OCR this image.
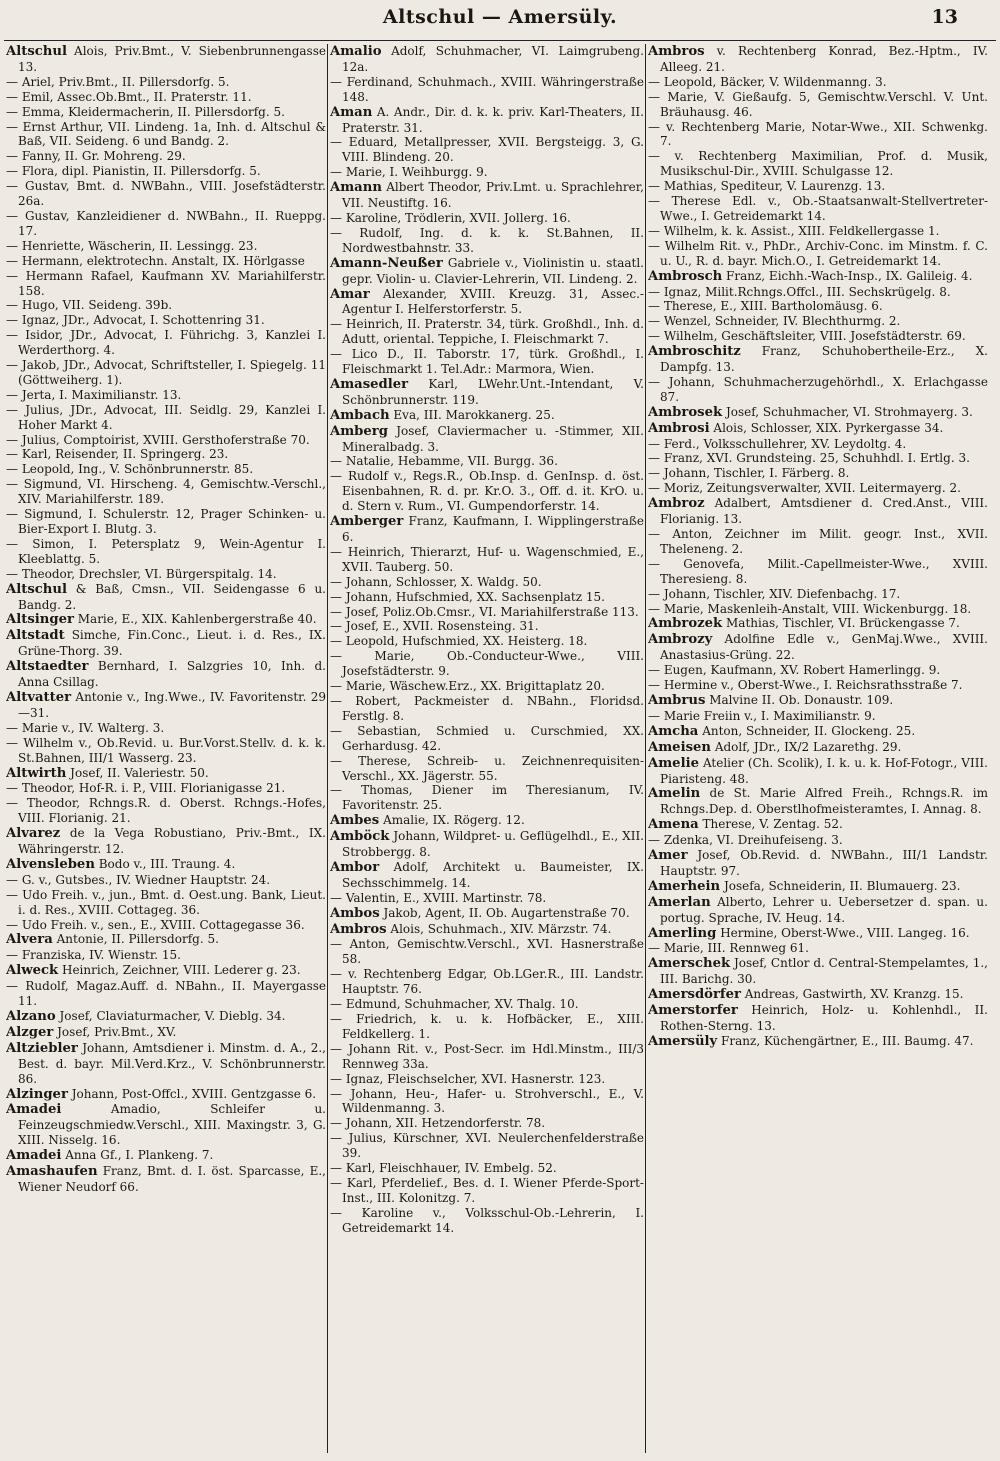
Altschul — Amersüly.	13

Altschul Alois, Priv.Bmt., V. Siebenbrunnengasse 13.

— Ariel, Priv.Bmt., II. Pillersdorfg. 5.

— Emil, Assec.Ob.Bmt., II. Praterstr. 11.

— Emma, Kleidermacherin, II. Pillersdorfg. 5.

— Ernst Arthur, VII. Lindeng. 1a, Inh. d. Altschul & Baß, VII. Seideng. 6 und Bandg. 2.

— Fanny, II. Gr. Mohreng. 29.

— Flora, dipl. Pianistin, II. Pillersdorfg. 5.

— Gustav, Bmt. d. NWBahn., VIII. Josefstädterstr. 26a.

— Gustav, Kanzleidiener d. NWBahn., II. Rueppg. 17.

— Henriette, Wäscherin, II. Lessingg. 23.

— Hermann, elektrotechn. Anstalt, IX. Hörlgasse

— Hermann Rafael, Kaufmann XV. Mariahilferstr. 158.

— Hugo, VII. Seideng. 39b.

— Ignaz, JDr., Advocat, I. Schottenring 31.

— Isidor, JDr., Advocat, I. Führichg. 3, Kanzlei I. Werderthorg. 4.

— Jakob, JDr., Advocat, Schriftsteller, I. Spiegelg. 11 (Göttweiherg. 1).

— Jerta, I. Maximilianstr. 13.

— Julius, JDr., Advocat, III. Seidlg. 29, Kanzlei I. Hoher Markt 4.

— Julius, Comptoirist, XVIII. Gersthoferstraße 70.

— Karl, Reisender, II. Springerg. 23.

— Leopold, Ing., V. Schönbrunnerstr. 85.

— Sigmund, VI. Hirscheng. 4, Gemischtw.-Verschl., XIV. Mariahilferstr. 189.

— Sigmund, I. Schulerstr. 12, Prager Schinken- u. Bier-Export I. Blutg. 3.

— Simon, I. Petersplatz 9, Wein-Agentur I. Kleeblattg. 5.

— Theodor, Drechsler, VI. Bürgerspitalg. 14.

Altschul & Baß, Cmsn., VII. Seidengasse 6 u. Bandg. 2.

Altsinger Marie, E., XIX. Kahlenbergerstraße 40.

Altstadt Simche, Fin.Conc., Lieut. i. d. Res., IX. Grüne-Thorg. 39.

Altstaedter Bernhard, I. Salzgries 10, Inh. d. Anna Csillag.

Altvatter Antonie v., Ing.Wwe., IV. Favoritenstr. 29—31.

— Marie v., IV. Walterg. 3.

— Wilhelm v., Ob.Revid. u. Bur.Vorst.Stellv. d. k. k. St.Bahnen, III/1 Wasserg. 23.

Altwirth Josef, II. Valeriestr. 50.

— Theodor, Hof-R. i. P., VIII. Florianigasse 21.

— Theodor, Rchngs.R. d. Oberst. Rchngs.-Hofes, VIII. Florianig. 21.

Alvarez de la Vega Robustiano, Priv.-Bmt., IX. Währingerstr. 12.

Alvensleben Bodo v., III. Traung. 4.

— G. v., Gutsbes., IV. Wiedner Hauptstr. 24.

— Udo Freih. v., jun., Bmt. d. Oest.ung. Bank, Lieut. i. d. Res., XVIII. Cottageg. 36.

— Udo Freih. v., sen., E., XVIII. Cottagegasse 36.

Alvera Antonie, II. Pillersdorfg. 5.

— Franziska, IV. Wienstr. 15.

Alweck Heinrich, Zeichner, VIII. Lederer g. 23.

— Rudolf, Magaz.Auff. d. NBahn., II. Mayergasse 11.

Alzano Josef, Claviaturmacher, V. Dieblg. 34.

Alzger Josef, Priv.Bmt., XV.

Altziebler Johann, Amtsdiener i. Minstm. d. A., 2., Best. d. bayr. Mil.Verd.Krz., V. Schönbrunnerstr. 86.

Alzinger Johann, Post-Offcl., XVIII. Gentzgasse 6.

Amadei	Amadio, Schleifer u. Feinzeugschmiedw.Verschl., XIII. Maxingstr. 3, G. XIII. Nisselg. 16.

Amadei Anna Gf., I. Plankeng. 7.

Amashaufen Franz, Bmt. d. I. öst. Sparcasse, E., Wiener Neudorf 66.

Amalio Adolf, Schuhmacher, VI. Laimgrubeng. 12a.

— Ferdinand, Schuhmach., XVIII. Währingerstraße 148.

Aman A. Andr., Dir. d. k. k. priv. Karl-Theaters, II. Praterstr. 31.

— Eduard, Metallpresser, XVII. Bergsteigg. 3, G. VIII. Blindeng. 20.

— Marie, I. Weihburgg. 9.

Amann Albert Theodor, Priv.Lmt. u. Sprachlehrer, VII. Neustiftg. 16.

— Karoline, Trödlerin, XVII. Jollerg. 16.

— Rudolf, Ing. d. k. k. St.Bahnen, II. Nordwestbahnstr. 33.

Amann-Neußer Gabriele v., Violinistin u. staatl. gepr. Violin- u. Clavier-Lehrerin, VII. Lindeng. 2.

Amar Alexander, XVIII. Kreuzg. 31, Assec.-Agentur I. Helferstorferstr. 5.

— Heinrich, II. Praterstr. 34, türk. Großhdl., Inh. d. Adutt, oriental. Teppiche, I. Fleischmarkt 7.

— Lico D., II. Taborstr. 17, türk. Großhdl., I. Fleischmarkt 1. Tel.Adr.: Marmora, Wien.

Amasedler Karl, LWehr.Unt.-Intendant, V. Schönbrunnerstr. 119.

Ambach Eva, III. Marokkanerg. 25.

Amberg Josef, Claviermacher u. -Stimmer, XII. Mineralbadg. 3.

— Natalie, Hebamme, VII. Burgg. 36.

— Rudolf v., Regs.R., Ob.Insp. d. GenInsp. d. öst. Eisenbahnen, R. d. pr. Kr.O. 3., Off. d. it. KrO. u. d. Stern v. Rum., VI. Gumpendorferstr. 14.

Amberger Franz, Kaufmann, I. Wipplingerstraße 6.

— Heinrich, Thierarzt, Huf- u. Wagenschmied, E., XVII. Tauberg. 50.

— Johann, Schlosser, X. Waldg. 50.

— Johann, Hufschmied, XX. Sachsenplatz 15.

— Josef, Poliz.Ob.Cmsr., VI. Mariahilferstraße 113.

— Josef, E., XVII. Rosensteing. 31.

— Leopold, Hufschmied, XX. Heisterg. 18.

— Marie, Ob.-Conducteur-Wwe., VIII. Josefstädterstr. 9.

— Marie, Wäschew.Erz., XX. Brigittaplatz 20.

— Robert, Packmeister d. NBahn., Floridsd. Ferstlg. 8.

— Sebastian, Schmied u. Curschmied, XX. Gerhardusg. 42.

— Therese, Schreib- u. Zeichnenrequisiten-Verschl., XX. Jägerstr. 55.

— Thomas, Diener im Theresianum, IV. Favoritenstr. 25.

Ambes Amalie, IX. Rögerg. 12.

Amböck Johann, Wildpret- u. Geflügelhdl., E., XII. Strobbergg. 8.

Ambor Adolf, Architekt u. Baumeister, IX. Sechsschimmelg. 14.

— Valentin, E., XVIII. Martinstr. 78.

Ambos Jakob, Agent, II. Ob. Augartenstraße 70.

Ambros Alois, Schuhmach., XIV. Märzstr. 74.

— Anton, Gemischtw.Verschl., XVI. Hasnerstraße 58.

— v. Rechtenberg Edgar, Ob.LGer.R., III. Landstr. Hauptstr. 76.

— Edmund, Schuhmacher, XV. Thalg. 10.

— Friedrich, k. u. k. Hofbäcker, E., XIII. Feldkellerg. 1.

— Johann Rit. v., Post-Secr. im Hdl.Minstm., III/3 Rennweg 33a.

— Ignaz, Fleischselcher, XVI. Hasnerstr. 123.

— Johann, Heu-, Hafer- u. Strohverschl., E., V. Wildenmanng. 3.

— Johann, XII. Hetzendorferstr. 78.

— Julius, Kürschner, XVI. Neulerchenfelderstraße 39.

— Karl, Fleischhauer, IV. Embelg. 52.

— Karl, Pferdelief., Bes. d. I. Wiener Pferde-Sport-Inst., III. Kolonitzg. 7.

— Karoline v., Volksschul-Ob.-Lehrerin, I. Getreidemarkt 14.

Ambros v. Rechtenberg Konrad, Bez.-Hptm., IV. Alleeg. 21.

— Leopold, Bäcker, V. Wildenmanng. 3.

— Marie, V. Gießaufg. 5, Gemischtw.Verschl. V. Unt. Bräuhausg. 46.

— v. Rechtenberg Marie, Notar-Wwe., XII. Schwenkg. 7.

— v. Rechtenberg Maximilian, Prof. d. Musik, Musikschul-Dir., XVIII. Schulgasse 12.

— Mathias, Spediteur, V. Laurenzg. 13.

— Therese Edl. v., Ob.-Staatsanwalt-Stellvertreter-Wwe., I. Getreidemarkt 14.

— Wilhelm, k. k. Assist., XIII. Feldkellergasse 1.

— Wilhelm Rit. v., PhDr., Archiv-Conc. im Minstm. f. C. u. U., R. d. bayr. Mich.O., I. Getreidemarkt 14.

Ambrosch Franz, Eichh.-Wach-Insp., IX. Galileig. 4.

— Ignaz, Milit.Rchngs.Offcl., III. Sechskrügelg. 8.

— Therese, E., XIII. Bartholomäusg. 6.

— Wenzel, Schneider, IV. Blechthurmg. 2.

— Wilhelm, Geschäftsleiter, VIII. Josefstädterstr. 69.

Ambroschitz Franz, Schuhobertheile-Erz., X. Dampfg. 13.

— Johann, Schuhmacherzugehörhdl., X. Erlachgasse 87.

Ambrosek Josef, Schuhmacher, VI. Strohmayerg. 3.

Ambrosi Alois, Schlosser, XIX. Pyrkergasse 34.

— Ferd., Volksschullehrer, XV. Leydoltg. 4.

— Franz, XVI. Grundsteing. 25, Schuhhdl. I. Ertlg. 3.

— Johann, Tischler, I. Färberg. 8.

— Moriz, Zeitungsverwalter, XVII. Leitermayerg. 2.

Ambroz Adalbert, Amtsdiener d. Cred.Anst., VIII. Florianig. 13.

— Anton, Zeichner im Milit. geogr. Inst., XVII. Theleneng. 2.

— Genovefa, Milit.-Capellmeister-Wwe., XVIII. Theresieng. 8.

— Johann, Tischler, XIV. Diefenbachg. 17.

— Marie, Maskenleih-Anstalt, VIII. Wickenburgg. 18.

Ambrozek Mathias, Tischler, VI. Brückengasse 7.

Ambrozy Adolfine Edle v., GenMaj.Wwe., XVIII. Anastasius-Grüng. 22.

— Eugen, Kaufmann, XV. Robert Hamerlingg. 9.

— Hermine v., Oberst-Wwe., I. Reichsrathsstraße 7.

Ambrus Malvine II. Ob. Donaustr. 109.

— Marie Freiin v., I. Maximilianstr. 9.

Amcha Anton, Schneider, II. Glockeng. 25.

Ameisen Adolf, JDr., IX/2 Lazarethg. 29.

Amelie Atelier (Ch. Scolik), I. k. u. k. Hof-Fotogr., VIII. Piaristeng. 48.

Amelin de St. Marie Alfred Freih., Rchngs.R. im Rchngs.Dep. d. Oberstlhofmeisteramtes, I. Annag. 8.

Amena Therese, V. Zentag. 52.

— Zdenka, VI. Dreihufeiseng. 3.

Amer Josef, Ob.Revid. d. NWBahn., III/1 Landstr. Hauptstr. 97.

Amerhein Josefa, Schneiderin, II. Blumauerg. 23.

Amerlan Alberto, Lehrer u. Uebersetzer d. span. u. portug. Sprache, IV. Heug. 14.

Amerling Hermine, Oberst-Wwe., VIII. Langeg. 16.

— Marie, III. Rennweg 61.

Amerschek Josef, Cntlor d. Central-Stempelamtes, 1., III. Barichg. 30.

Amersdörfer Andreas, Gastwirth, XV. Kranzg. 15.

Amerstorfer Heinrich, Holz- u. Kohlenhdl., II. Rothen-Sterng. 13.

Amersüly Franz, Küchengärtner, E., III. Baumg. 47.
